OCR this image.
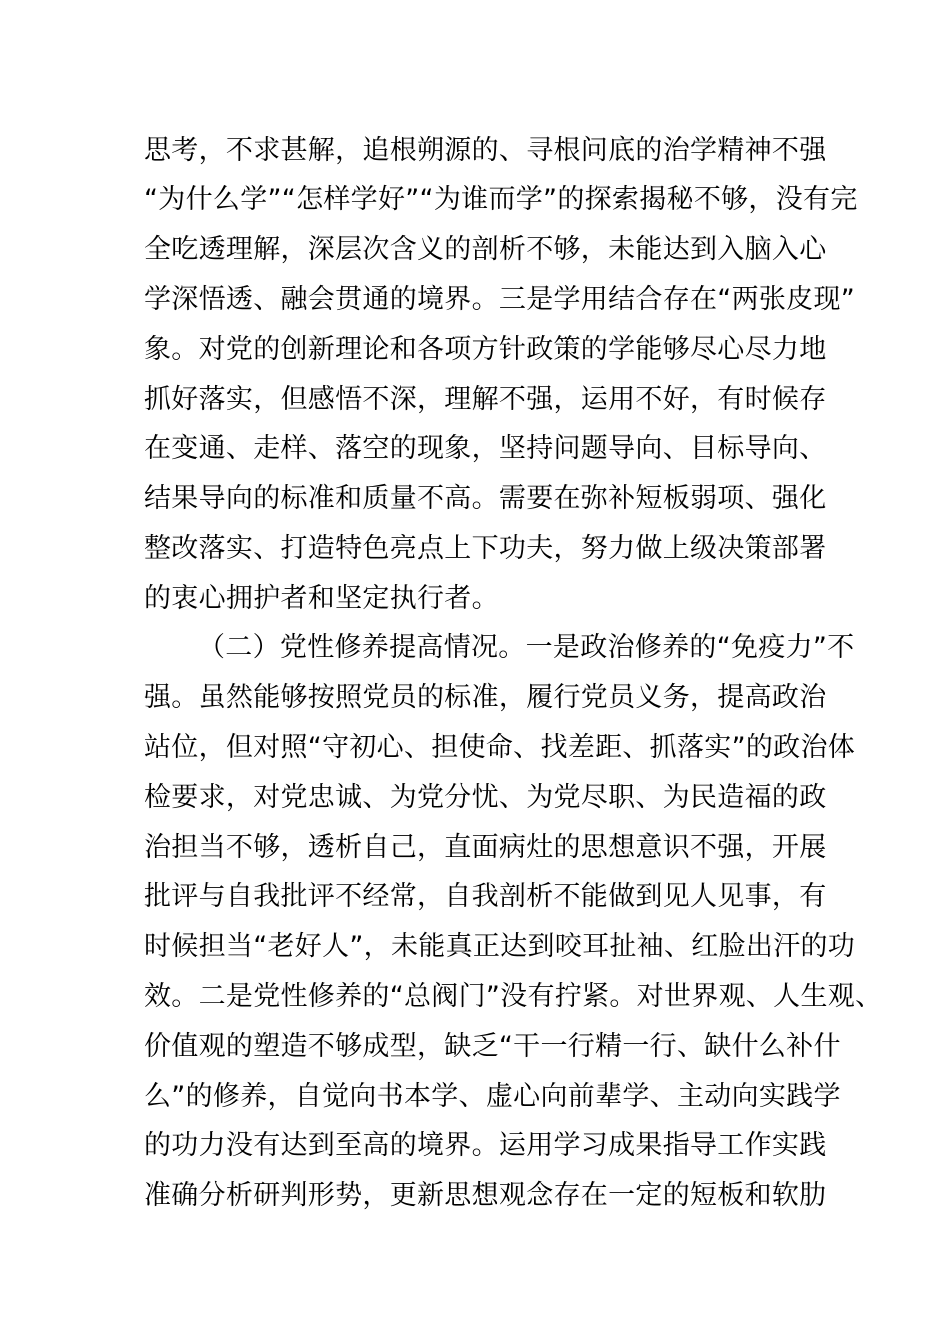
思考，不求甚解，追根朔源的、寻根问底的治学精神不强
“为什么学”“怎样学好”“为谁而学”的探索揭秘不够，没有完
全吃透理解，深层次含义的剖析不够，未能达到入脑入心
学深悟透、融会贯通的境界。三是学用结合存在“两张皮现”
象。对党的创新理论和各项方针政策的学能够尽心尽力地
抓好落实，但感悟不深，理解不强，运用不好，有时候存
在变通、走样、落空的现象，坚持问题导向、目标导向、
结果导向的标准和质量不高。需要在弥补短板弱项、强化
整改落实、打造特色亮点上下功夫，努力做上级决策部署
的衷心拥护者和坚定执行者。
（二）党性修养提高情况。一是政治修养的“免疫力”不
强。虽然能够按照党员的标准，履行党员义务，提高政治
站位，但对照“守初心、担使命、找差距、抓落实”的政治体
检要求，对党忠诚、为党分忧、为党尽职、为民造福的政
治担当不够，透析自己，直面病灶的思想意识不强，开展
批评与自我批评不经常，自我剖析不能做到见人见事，有
时候担当“老好人”，未能真正达到咬耳扯袖、红脸出汗的功
效。二是党性修养的“总阀门”没有拧紧。对世界观、人生观、
价值观的塑造不够成型，缺乏“干一行精一行、缺什么补什
么”的修养，自觉向书本学、虚心向前辈学、主动向实践学
的功力没有达到至高的境界。运用学习成果指导工作实践
准确分析研判形势，更新思想观念存在一定的短板和软肋
